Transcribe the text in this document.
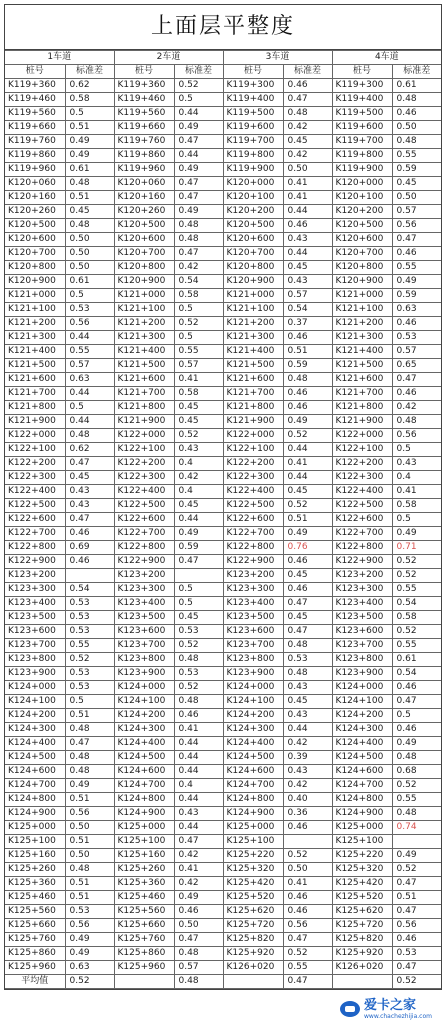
上面层平整度
1车道		2车道		3车道		4车道	
桩号	标准差	桩号	标准差	桩号	标准差	桩号	标准差
K119+360	0.62	K119+360	0.52	K119+300	0.46	K119+300	0.61
K119+460	0.58	K119+460	0.5	K119+400	0.47	K119+400	0.48
K119+560	0.5	K119+560	0.44	K119+500	0.48	K119+500	0.46
K119+660	0.51	K119+660	0.49	K119+600	0.42	K119+600	0.50
K119+760	0.49	K119+760	0.47	K119+700	0.45	K119+700	0.48
K119+860	0.49	K119+860	0.44	K119+800	0.42	K119+800	0.55
K119+960	0.61	K119+960	0.49	K119+900	0.50	K119+900	0.59
K120+060	0.48	K120+060	0.47	K120+000	0.41	K120+000	0.45
K120+160	0.51	K120+160	0.47	K120+100	0.41	K120+100	0.50
K120+260	0.45	K120+260	0.49	K120+200	0.44	K120+200	0.57
K120+500	0.48	K120+500	0.48	K120+500	0.46	K120+500	0.56
K120+600	0.50	K120+600	0.48	K120+600	0.43	K120+600	0.47
K120+700	0.50	K120+700	0.47	K120+700	0.44	K120+700	0.46
K120+800	0.50	K120+800	0.42	K120+800	0.45	K120+800	0.55
K120+900	0.61	K120+900	0.54	K120+900	0.43	K120+900	0.49
K121+000	0.5	K121+000	0.58	K121+000	0.57	K121+000	0.59
K121+100	0.53	K121+100	0.5	K121+100	0.54	K121+100	0.63
K121+200	0.56	K121+200	0.52	K121+200	0.37	K121+200	0.46
K121+300	0.44	K121+300	0.5	K121+300	0.46	K121+300	0.53
K121+400	0.55	K121+400	0.55	K121+400	0.51	K121+400	0.57
K121+500	0.57	K121+500	0.57	K121+500	0.59	K121+500	0.65
K121+600	0.63	K121+600	0.41	K121+600	0.48	K121+600	0.47
K121+700	0.44	K121+700	0.58	K121+700	0.46	K121+700	0.46
K121+800	0.5	K121+800	0.45	K121+800	0.46	K121+800	0.42
K121+900	0.44	K121+900	0.45	K121+900	0.49	K121+900	0.48
K122+000	0.48	K122+000	0.52	K122+000	0.52	K122+000	0.56
K122+100	0.62	K122+100	0.43	K122+100	0.44	K122+100	0.5
K122+200	0.47	K122+200	0.4	K122+200	0.41	K122+200	0.43
K122+300	0.45	K122+300	0.42	K122+300	0.44	K122+300	0.4
K122+400	0.43	K122+400	0.4	K122+400	0.45	K122+400	0.41
K122+500	0.43	K122+500	0.45	K122+500	0.52	K122+500	0.58
K122+600	0.47	K122+600	0.44	K122+600	0.51	K122+600	0.5
K122+700	0.46	K122+700	0.49	K122+700	0.49	K122+700	0.49
K122+800	0.69	K122+800	0.59	K122+800	0.76	K122+800	0.71
K122+900	0.46	K122+900	0.47	K122+900	0.46	K122+900	0.52
K123+200		K123+200		K123+200	0.45	K123+200	0.52
K123+300	0.54	K123+300	0.5	K123+300	0.46	K123+300	0.55
K123+400	0.53	K123+400	0.5	K123+400	0.47	K123+400	0.54
K123+500	0.53	K123+500	0.45	K123+500	0.45	K123+500	0.58
K123+600	0.53	K123+600	0.53	K123+600	0.47	K123+600	0.52
K123+700	0.55	K123+700	0.52	K123+700	0.48	K123+700	0.55
K123+800	0.52	K123+800	0.48	K123+800	0.53	K123+800	0.61
K123+900	0.53	K123+900	0.53	K123+900	0.48	K123+900	0.54
K124+000	0.53	K124+000	0.52	K124+000	0.43	K124+000	0.46
K124+100	0.5	K124+100	0.48	K124+100	0.45	K124+100	0.47
K124+200	0.51	K124+200	0.46	K124+200	0.43	K124+200	0.5
K124+300	0.48	K124+300	0.41	K124+300	0.44	K124+300	0.46
K124+400	0.47	K124+400	0.44	K124+400	0.42	K124+400	0.49
K124+500	0.48	K124+500	0.44	K124+500	0.39	K124+500	0.48
K124+600	0.48	K124+600	0.44	K124+600	0.43	K124+600	0.68
K124+700	0.49	K124+700	0.4	K124+700	0.42	K124+700	0.52
K124+800	0.51	K124+800	0.44	K124+800	0.40	K124+800	0.55
K124+900	0.56	K124+900	0.43	K124+900	0.36	K124+900	0.48
K125+000	0.50	K125+000	0.44	K125+000	0.46	K125+000	0.74
K125+100	0.51	K125+100	0.47	K125+100		K125+100	
K125+160	0.50	K125+160	0.42	K125+220	0.52	K125+220	0.49
K125+260	0.48	K125+260	0.41	K125+320	0.50	K125+320	0.52
K125+360	0.51	K125+360	0.42	K125+420	0.41	K125+420	0.47
K125+460	0.51	K125+460	0.49	K125+520	0.46	K125+520	0.51
K125+560	0.53	K125+560	0.46	K125+620	0.46	K125+620	0.47
K125+660	0.56	K125+660	0.50	K125+720	0.56	K125+720	0.56
K125+760	0.49	K125+760	0.47	K125+820	0.47	K125+820	0.46
K125+860	0.49	K125+860	0.48	K125+920	0.52	K125+920	0.53
K125+960	0.63	K125+960	0.57	K126+020	0.55	K126+020	0.47
平均值	0.52		0.48		0.47		0.52
爱卡之家
www.chachezhijia.com
